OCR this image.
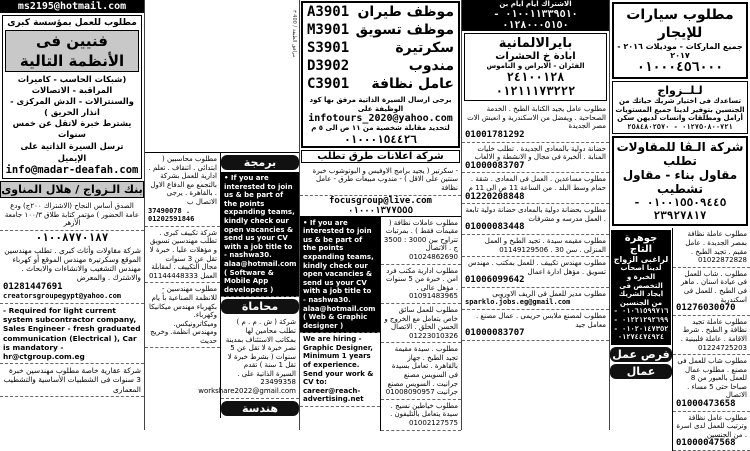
ms2195@hotmail.com
مطلوب للعمل بمؤسسة كبرى
فنيين فى الأنظمة التالية
(شبكات الحاسب - كاميرات المراقبة - الاتصالات
والسنترالات - الدش المركزى - انذار الحريق )
يشترط خبرة لاتقل عن خمس سنوات
ترسل السيرة الذاتية على الإيميل
info@madar-deafah.com
بنك الـزواج / هلال المناوى
الصدق أساس النجاح (الاشتراك ٢٠٠ج) ودع عامة الحضور ) مؤتمر كتابة طلاق ١٠٠/٣ جامعة الأزهر
٠١٠٠٨٧٧٠١٨٧
شركة مقاولات وأثاث كبرى . تطلب مهندسين الموقع وسكرتيرة مهندس الموقع أو كهرباء مهندس التشغيب والانشاءات والابحاث . والاشترك . والمعرض
01281447691
creatorsgroupegypt@yahoo.com
- Required for light current system subcontractor company, Sales Engineer - fresh graduated communication (Electrical ), Car is mandatory - hr@ctgroup.com.eg
شركة عقارية خاصة مطلوب مهندسين خبرة 3 سنوات فى الشطبيات الأساسية والتشطيب المعمارى
مرافق الطبقة / 400 ٣
مطلوب محاسبين ( ابتدائى . اتنقاف . تعلم . ادارية للعمل بشركة بالتجمع مع الدفاع الاول . بالقاهرة . يرجى الاتصال ب
37490078 . 01202591846
شركة تكييف كبرى . تطلب مهندسين تسويق و مؤهلات عليا . خبرة لا تقل عن 3 سنوات مجال التكييف . لمقابلة العمل 01144448333
مطلوب مهندسين - للانظمة الصناعية بأ يام بكهرباء مهندس ميكانيكا وكهرباء. وميكاترونيكس. ومهندس انظمة. وخريج حديث
برمجة
• If you are interested to join us & be part of the points expanding teams, kindly check our open vacancies & send us your CV with a job title to - nashwa30. alaa@hotmail.com ( Software & Mobile App developers )
محاماة
شركة ( ش . م . م ) تطلب محامين لها بمكاتب الاستئناف بمدينة نصر خبرة لا تقل عن 5 سنوات ( بشرط خبرة لا تقل 1 سنة ) تقدم السيرة الذاتية على . 23499358 workshare2022@gmail.com
هندسة
A3901 موظف طيران
M3901 موظف تسويق
S3901	سكرتيرة
D3902	مندوب
C3901 عامل نظافة
برجى ارسال السيرة الذاتية مرفق بها كود الوظيفة على
infotours_2020@yahoo.com
لتحديد مقابلة شخصية من ١١ ص الى ٥ م
٠١٠٠٠١٥٤٤٢٦
شركة اعلانات طرق تطلب
- سكرتير ( يجيد برامج الاوفيس و البوتوشوب خبرة سنتين على الاقل ) - مندوب مبيعات طرق - عامل نظافة
focusgroup@live.com
٠١٠٠٠١٣٧٧٥٥٥
• If you are interested to join us & be part of the points expanding teams, kindly check our open vacancies & send us your CV with a job title to - nashwa30. alaa@hotmail.com ( Web & Graphic designer )
We are hiring - Graphic Designer, Minimum 1 years of experience. Send your work & CV to: career@reach-advertising.net
مطلوب عاملات نظافة ( مقيمات فقط ) . بمرتبات تتراوح بين 3000 : 3500 ج . الاتصال 01024862690
مطلوب ادارية مكتب فرد امن . خبرة من 5 سنوات . مؤهل عالى . 01091483965
مطلوب للعمل سائق خاص بتعامل مع الخروج و الحسن الخلق . الاتصال 01223010326
مطلوب . سيدة مقيمة تجيد الطبخ . جهاز بالقاهرة . تعامل بسيدة فى السويس مصنع جرانيت . السويس مصنع جرانيت 01008090957
مطلوب خياطين نسيج . سيدة يتعامل بالتليفون . 01002127575
الاشتراك ايام ايام بن
٠١٠٠١١٣٣٩٥١٠ - ٠١٢٨٠٠٠٥١٥٠
بايرالالمانية
ابادة خ الحشرات
الفئران - الابراص و الناموس
٢٤١٠٠١٢٨
٠١٢١١١٧٣٢٢٢
مطلوب عامل يجيد الكتابة الطبخ . الخدمة الصحاحبة . ويفضل من الاسكندرية و انعيش الات مصر الجديدة
01001781292
حضانة دولية بالمعادى الجديدة . تطلب خليات المنابة . الخبرة فى مجال و الانشطة و الالعاب
01000083707
مطلوب مساعدين . العمل فى المعادى . شقة . حمام وسط البلد . من الساعة 11 ص الى 11 م
01220208848
مطلوب بحضانة دولية بالمعادى حضانة دولية تابعة . العمل مدرسه و مشرفات
01000083448
مطلوب مقيمه سيدة . تجيد الطبخ و العمل المنزلى . سن 30 . 01149129506
مطلوب مهندس تكييف . للعمل بمكتب . مهندس تسويق . مؤهل ادارة اعمال
01006099642
مطلوب مدير للعمل فى الريف الاوروبى
sparklo.jobs.eg@gmail.com
مطلوب لمصنع ملابس حريمى . عمال مصنع . معامل جيد
01000083707
مطلوب سيارات للإيجار
جميع الماركات - موديلات ٢٠١٦ - ٢٠١٧
٠١٠٠٠٤٥٦٠٠٠
لـلــزواج
تساعدك فى اختيار شريك حياتك من الجنسين بتوفير لدينا جميع المستويات أرامل ومطلقات وانسات لديهن سكن
٠١٢٧٥٠٨٠٠٧٢١ - ٢٥٨٤٨٠٢٥٧٠
شركة الـڤا للمقاولات تطلب
مقاول بناء - مقاول تشطيب
٠١٠٠١٥٥٠٩٤٤٥ - ٢٣٩٢٧٨١٧
جوهرة التاج
لراغبى الزواج
لدينا اصحاب الخبرة و التخصص فى ايجاد الشريك من الجنسين
٠١٠٦١٥٩٩٧١٦ - ٠١٢٢١٢٩٢٦٩٩ - ٠١٠٢٠١٤٧٣٥٢ - ٠١٢٧٤٤٧٤٩٢٤
فرص عمل
عمال
مطلوب عاملة نظافة بمصر الجديدة . عامل مقيم . تجيد الطبخ . 01022872828
مطلوب . شاب للعمل فى عيادة اسنان . ماهر فى الطبخ . للعمل فى اسكندرية
01276030070
مطلوب عاملة تجيد نظافة و الطبخ . شرط الاقامة . عاملة فلبينية . 01224725203
مطلوب شاب للعمل فى مصنع . مطلوب عمال للعمل بالعبور من 8 صباحا حتى 5 مساء . الاتصال
01000473658
مطلوب عامل نظافة وترتيب للعمل لدى اسرة . من الجنسين
01000047568
